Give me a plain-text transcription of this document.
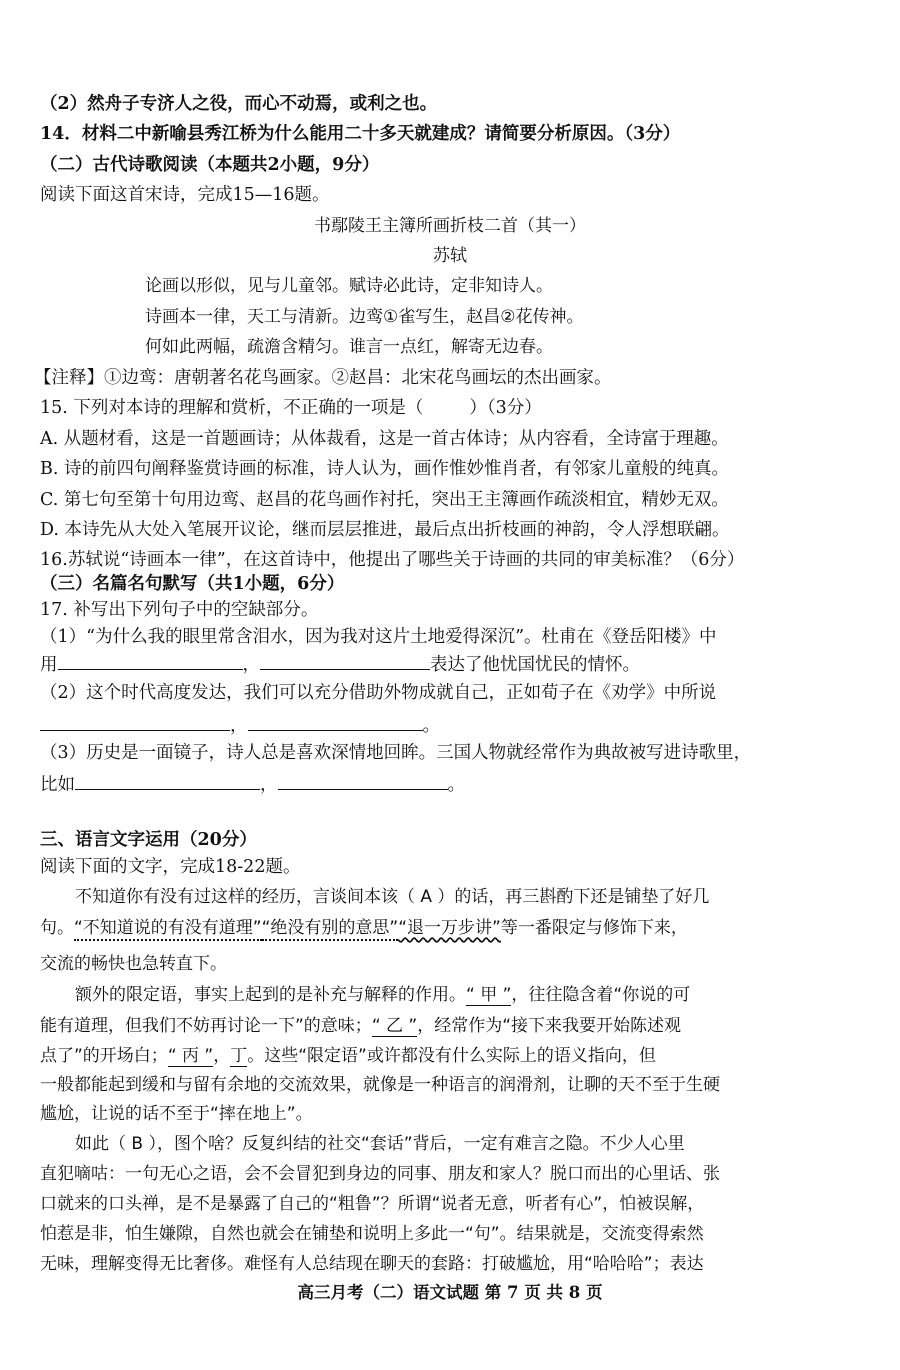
（2）然舟子专济人之役，而心不动焉，或利之也。
14．材料二中新喻县秀江桥为什么能用二十多天就建成？请简要分析原因。（3分）
（二）古代诗歌阅读（本题共2小题，9分）
阅读下面这首宋诗，完成15—16题。
书鄢陵王主簿所画折枝二首（其一）
苏轼
论画以形似，见与儿童邻。赋诗必此诗，定非知诗人。
诗画本一律，天工与清新。边鸾①雀写生，赵昌②花传神。
何如此两幅，疏澹含精匀。谁言一点红，解寄无边春。
【注释】①边鸾：唐朝著名花鸟画家。②赵昌：北宋花鸟画坛的杰出画家。
15. 下列对本诗的理解和赏析，不正确的一项是（	）（3分）
A. 从题材看，这是一首题画诗；从体裁看，这是一首古体诗；从内容看，全诗富于理趣。
B. 诗的前四句阐释鉴赏诗画的标准，诗人认为，画作惟妙惟肖者，有邻家儿童般的纯真。
C. 第七句至第十句用边鸾、赵昌的花鸟画作衬托，突出王主簿画作疏淡相宜，精妙无双。
D. 本诗先从大处入笔展开议论，继而层层推进，最后点出折枝画的神韵，令人浮想联翩。
16.苏轼说“诗画本一律”，在这首诗中，他提出了哪些关于诗画的共同的审美标准？（6分）
（三）名篇名句默写（共1小题，6分）
17. 补写出下列句子中的空缺部分。
（1）“为什么我的眼里常含泪水，因为我对这片土地爱得深沉”。杜甫在《登岳阳楼》中
用	，	表达了他忧国忧民的情怀。
（2）这个时代高度发达，我们可以充分借助外物成就自己，正如荀子在《劝学》中所说
，	。
（3）历史是一面镜子，诗人总是喜欢深情地回眸。三国人物就经常作为典故被写进诗歌里，
比如	，	。
三、语言文字运用（20分）
阅读下面的文字，完成18-22题。
不知道你有没有过这样的经历，言谈间本该（ A ）的话，再三斟酌下还是铺垫了好几
句。“不知道说的有没有道理”“绝没有别的意思”“退一万步讲”等一番限定与修饰下来，
交流的畅快也急转直下。
额外的限定语，事实上起到的是补充与解释的作用。“ 甲 ”，往往隐含着“你说的可
能有道理，但我们不妨再讨论一下”的意味；“ 乙 ”，经常作为“接下来我要开始陈述观
点了”的开场白；“ 丙 ”，丁。这些“限定语”或许都没有什么实际上的语义指向，但
一般都能起到缓和与留有余地的交流效果，就像是一种语言的润滑剂，让聊的天不至于生硬
尴尬，让说的话不至于“摔在地上”。
如此（ B ），图个啥？反复纠结的社交“套话”背后，一定有难言之隐。不少人心里
直犯嘀咕：一句无心之语，会不会冒犯到身边的同事、朋友和家人？脱口而出的心里话、张
口就来的口头禅，是不是暴露了自己的“粗鲁”？所谓“说者无意，听者有心”，怕被误解，
怕惹是非，怕生嫌隙，自然也就会在铺垫和说明上多此一“句”。结果就是，交流变得索然
无味，理解变得无比奢侈。难怪有人总结现在聊天的套路：打破尴尬，用“哈哈哈”；表达
高三月考（二）语文试题 第 7 页 共 8 页
